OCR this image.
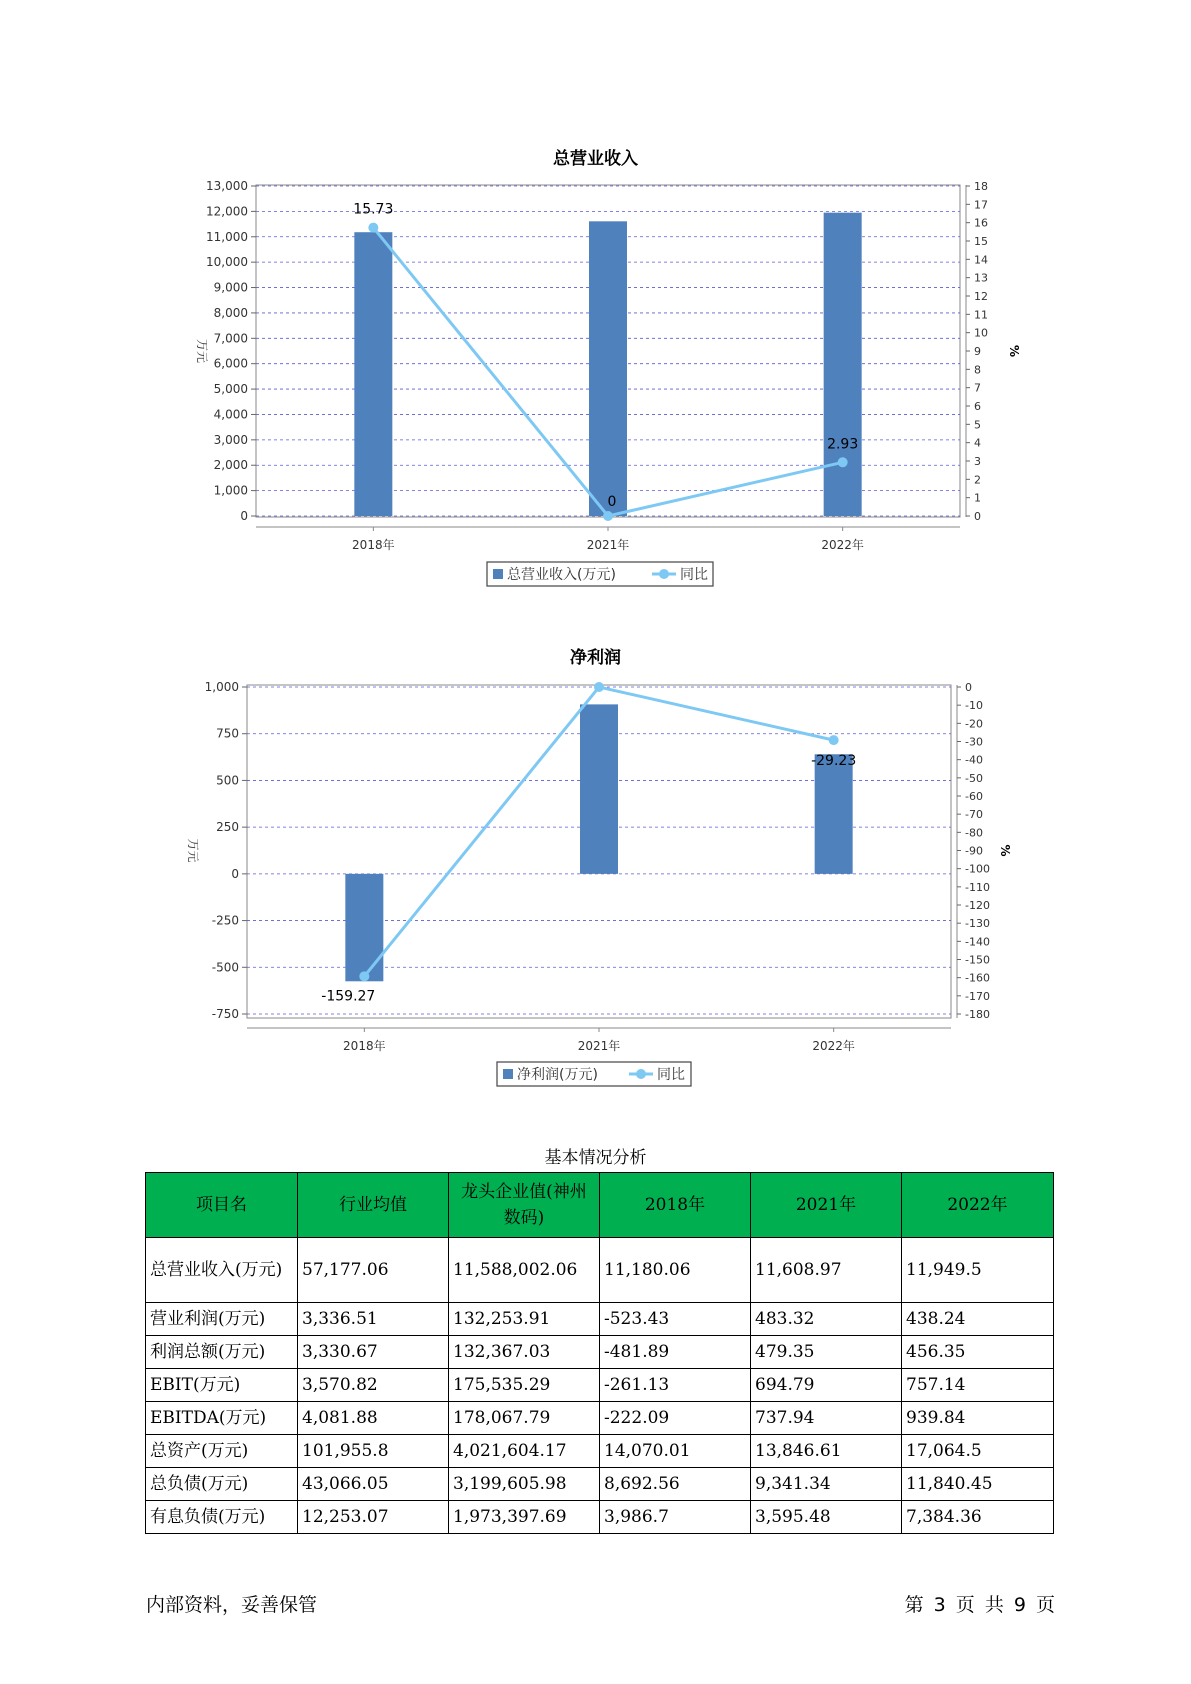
总营业收入
0
1,000
2,000
3,000
4,000
5,000
6,000
7,000
8,000
9,000
10,000
11,000
12,000
13,000
0
1
2
3
4
5
6
7
8
9
10
11
12
13
14
15
16
17
18
万元	%
2018年	2021年	2022年
15.73
0
2.93
总营业收入(万元)	同比
净利润
-750
-500
-250
0
250
500
750
1,000	0
-10
-20
-30
-40
-50
-60
-70
-80
-90
-100
-110
-120
-130
-140
-150
-160
-170
-180
万元	%
2018年	2021年	2022年
-159.27
-29.23
净利润(万元)	同比
基本情况分析
项目名	行业均值	龙头企业值(神州数码)	2018年	2021年	2022年
总营业收入(万元)	57,177.06	11,588,002.06	11,180.06	11,608.97	11,949.5
营业利润(万元)	3,336.51	132,253.91	-523.43	483.32	438.24
利润总额(万元)	3,330.67	132,367.03	-481.89	479.35	456.35
EBIT(万元)	3,570.82	175,535.29	-261.13	694.79	757.14
EBITDA(万元)	4,081.88	178,067.79	-222.09	737.94	939.84
总资产(万元)	101,955.8	4,021,604.17	14,070.01	13,846.61	17,064.5
总负债(万元)	43,066.05	3,199,605.98	8,692.56	9,341.34	11,840.45
有息负债(万元)	12,253.07	1,973,397.69	3,986.7	3,595.48	7,384.36
内部资料，妥善保管	第 3 页 共 9 页
